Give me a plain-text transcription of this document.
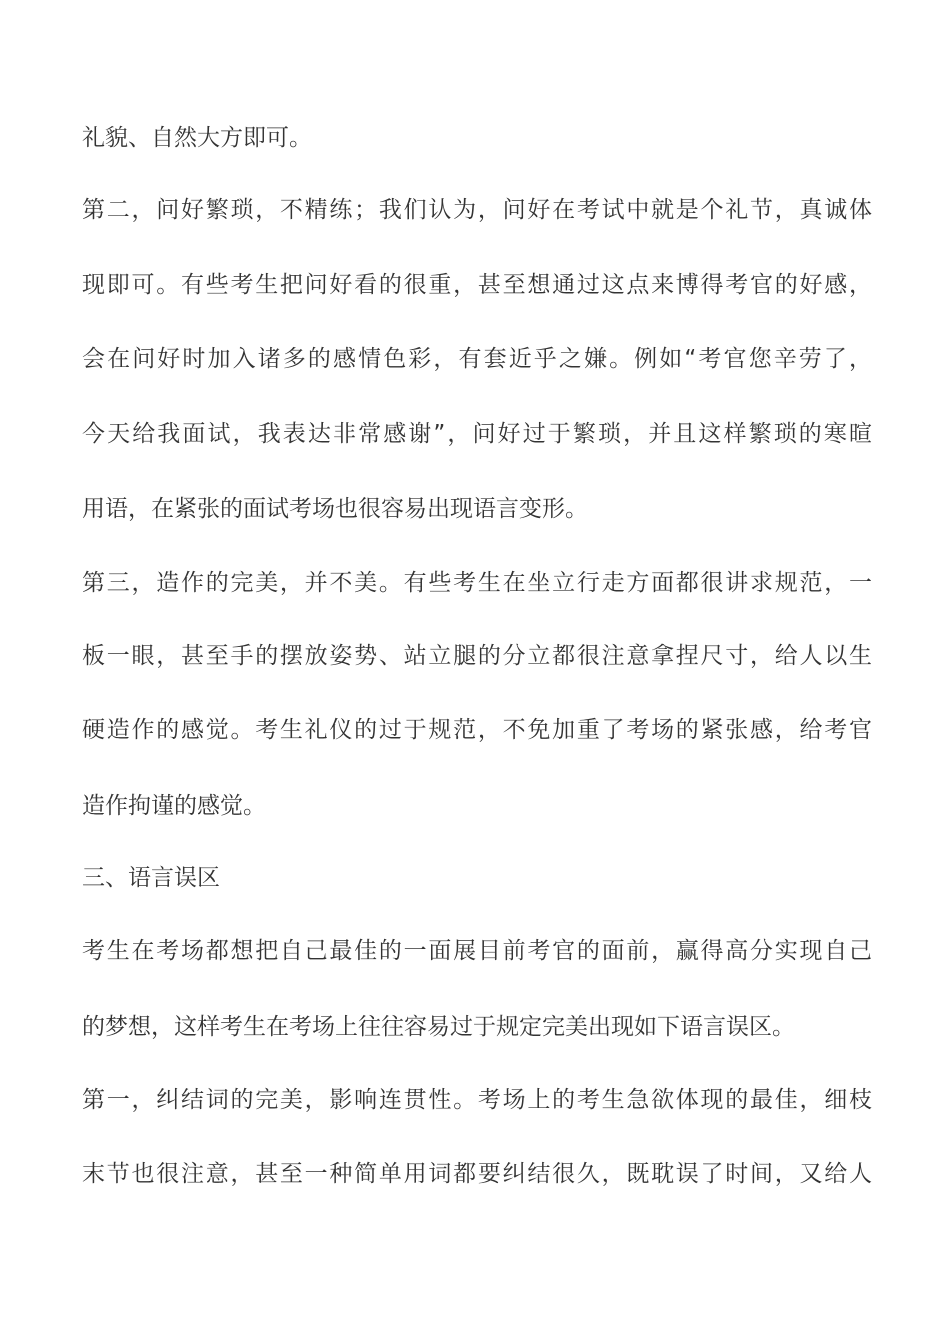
礼貌、自然大方即可。

第二，问好繁琐，不精练；我们认为，问好在考试中就是个礼节，真诚体

现即可。有些考生把问好看的很重，甚至想通过这点来博得考官的好感，

会在问好时加入诸多的感情色彩，有套近乎之嫌。例如“考官您辛劳了，

今天给我面试，我表达非常感谢”，问好过于繁琐，并且这样繁琐的寒暄

用语，在紧张的面试考场也很容易出现语言变形。

第三，造作的完美，并不美。有些考生在坐立行走方面都很讲求规范，一

板一眼，甚至手的摆放姿势、站立腿的分立都很注意拿捏尺寸，给人以生

硬造作的感觉。考生礼仪的过于规范，不免加重了考场的紧张感，给考官

造作拘谨的感觉。

三、语言误区

考生在考场都想把自己最佳的一面展目前考官的面前，赢得高分实现自己

的梦想，这样考生在考场上往往容易过于规定完美出现如下语言误区。

第一，纠结词的完美，影响连贯性。考场上的考生急欲体现的最佳，细枝

末节也很注意，甚至一种简单用词都要纠结很久，既耽误了时间，又给人
